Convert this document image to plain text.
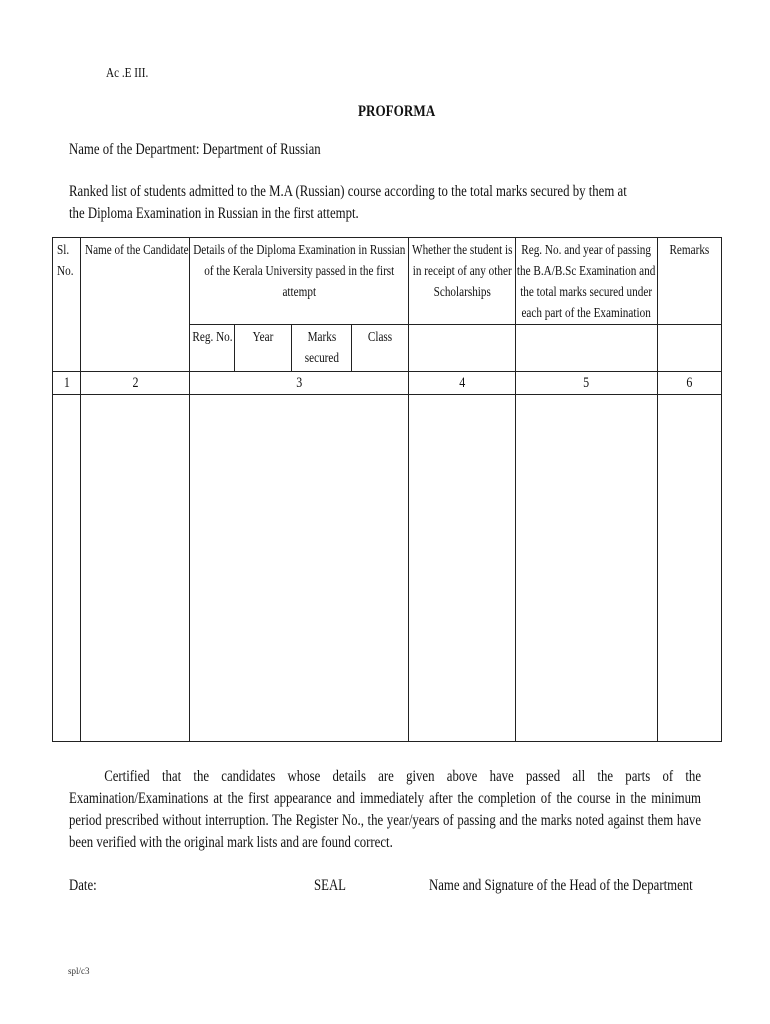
Ac .E III.
PROFORMA
Name of the Department: Department of Russian
Ranked list of students admitted to the M.A (Russian) course according to the total marks secured by them at the Diploma Examination in Russian in the first attempt.
Sl. No.	Name of the Candidate	Details of the Diploma Examination in Russian of the Kerala University passed in the first attempt				Whether the student is in receipt of any other Scholarships	Reg. No. and year of passing the B.A/B.Sc Examination and the total marks secured under each part of the Examination	Remarks

		Reg. No.	Year	Marks secured	Class			

1	2	3				4	5	6

Certified that the candidates whose details are given above have passed all the parts of the Examination/Examinations at the first appearance and immediately after the completion of the course in the minimum period prescribed without interruption. The Register No., the year/years of passing and the marks noted against them have been verified with the original mark lists and are found correct.
Date:	SEAL	Name and Signature of the Head of the Department
spl/c3
